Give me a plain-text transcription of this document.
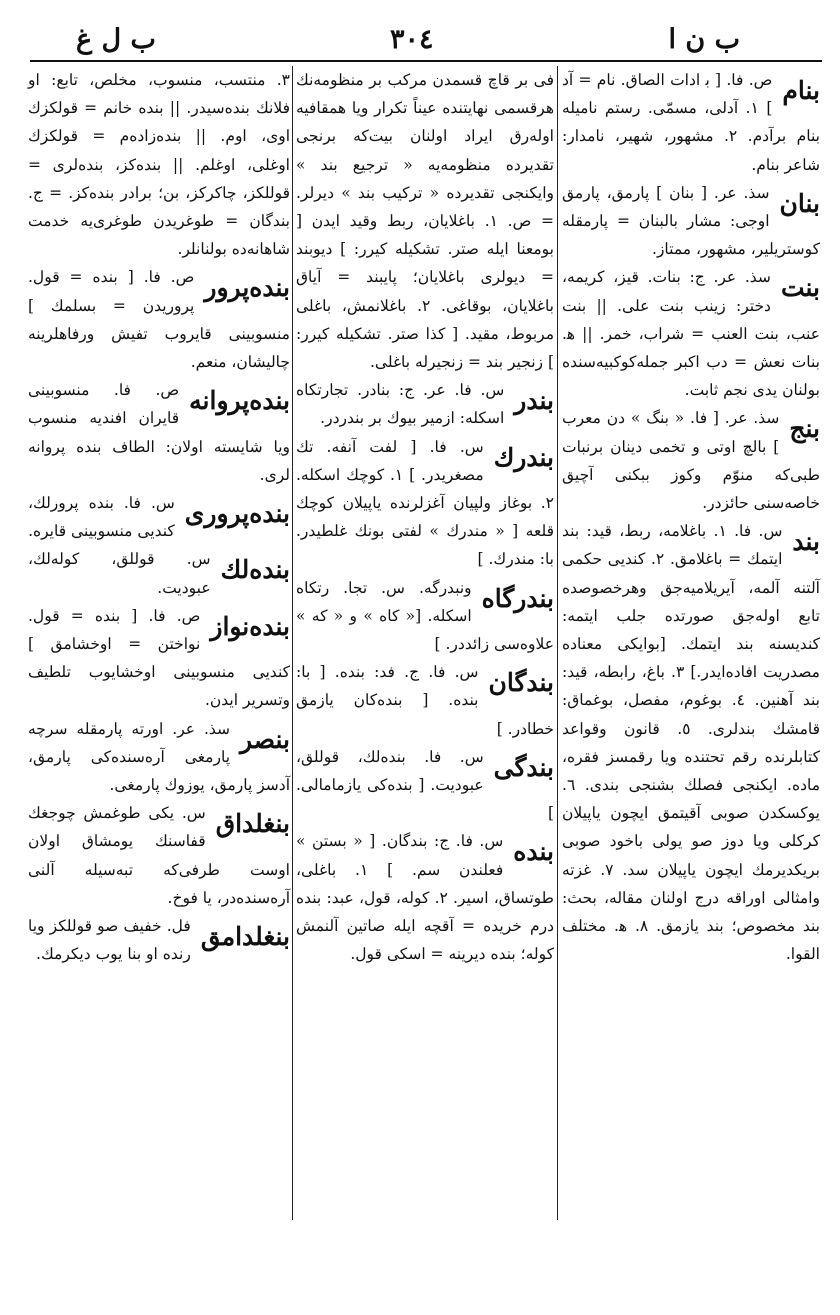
ب ل غ	٣٠٤	ب ن ا
بنام

ص. فا. [ ب‍ ادات الصاق. نام = آد ] ١. آدلى، مسمّى. رستم ناميله بنام برآدم. ٢. مشهور، شهير، نامدار: شاعر بنام.

بنان

سذ. عر. [ ب‍نان ] پارمق، پارمق اوجى: مشار بالبنان = پارمقله كوستريلير، مشهور، ممتاز.

بنت

سذ. عر. ج: بنات. قيز، كريمه، دختر: زينب بنت على. || بنت عنب، بنت العنب = شراب، خمر. || ه‍. بنات نعش = دب اكبر جمله‌كوكبيه‌سنده بولنان يدى نجم ثابت.

بنج

سذ. عر. [ فا. « بنگ » دن معرب ] بالچ اوتى و تخمى دينان برنبات طبى‌كه منوّم وكوز ببكنى آچيق خاصه‌سنى حائزدر.

بند

س. فا. ١. باغلامه، ربط، قيد: بند ايتمك = باغلامق. ٢. كنديى حكمى آلتنه آلمه، آيريلاميه‌جق وهرخصوصده تابع اوله‌جق صورتده جلب ايتمه: كنديسنه بند ايتمك. [بوايكى معناده مصدريت افاده‌ايدر.] ٣. باغ، رابطه، قيد: بند آهنين. ٤. بوغوم، مفصل، بوغماق: قامشك بندلرى. ٥. قانون وقواعد كتابلرنده رقم تحتنده ويا رقمسز فقره، ماده. ايكنجى فصلك بشنجى بندى. ٦. يوكسكدن صوبى آقيتمق ايچون ياپيلان كركلى ويا دوز صو يولى باخود صوبى بريكديرمك ايچون ياپيلان سد. ٧. غزته وامثالى اوراقه درج اولنان مقاله، بحث: بند مخصوص؛ بند يازمق. ٨. ه‍. مختلف القوا.

فى بر قاچ قسمدن مركب بر منظومه‌نك هرقسمى نهايتنده عيناً تكرار ويا همقافيه اوله‌رق ايراد اولنان بيت‌كه برنجى تقديرده منظومه‌يه « ترجيع بند » وايكنجى تقديرده « تركيب بند » ديرلر. = ص. ١. باغلايان، ربط وقيد ايدن [ بومعنا ايله صتر. تشكيله كيرر: ] ديوبند = ديولرى باغلايان؛ پايبند = آياق باغلايان، بوقاغى. ٢. باغلانمش، باغلى مربوط، مقيد. [ كذا صتر. تشكيله كيرر: ] زنجير بند = زنجيرله باغلى.

بندر

س. فا. عر. ج: بنادر. تجارتكاه اسكله: ازمير بيوك بر بندردر.

بندرك

س. فا. [ لفت آنفه. تك مصغريدر. ] ١. كوچك اسكله. ٢. بوغاز ولپيان آغزلرنده ياپيلان كوچك قلعه [ « مندرك » لفتى بونك غلطيدر. با: مندرك. ]

بندرگاه

ونبدرگه. س. تجا. رتكاه اسكله. [« كاه » و « كه » علاوه‌سى زائددر. ]

بندگان

س. فا. ج. فد: بنده. [ با: بنده. [ بنده‌كان يازمق خطادر. ]

بندگى

س. فا. بنده‌لك، قوللق، عبوديت. [ بنده‌كى يازمامالى. ]

بنده

س. فا. ج: بندگان. [ « بستن » فعلندن سم. ] ١. باغلى، طوتساق، اسير. ٢. كوله، قول، عبد: بنده درم خريده = آقچه ايله صاتين آلنمش كوله؛ بنده ديرينه = اسكى قول.

٣. منتسب، منسوب، مخلص، تابع: او فلانك بنده‌سيدر. || بنده خانم = قولكزك اوى، اوم. || بنده‌زاده‌م = قولكزك اوغلى، اوغلم. || بنده‌كز، بنده‌لرى = قوللكز، چاكركز، بن؛ برادر بنده‌كز. = ج. بندگان = طوغريدن طوغرى‌يه خدمت شاهانه‌ده بولنانلر.

بنده‌پرور

ص. فا. [ بنده = قول. پروريدن = بسلمك ] منسوبينى قايروب تفيش ورفاهلرينه چاليشان، منعم.

بنده‌پروانه

ص. فا. منسوبينى قايران افنديه منسوب ويا شايسته اولان: الطاف بنده پروانه لرى.

بنده‌پرورى

س. فا. بنده پرورلك، كنديى منسوبينى قايره.

بنده‌لك

س. قوللق، كوله‌لك، عبوديت.

بنده‌نواز

ص. فا. [ بنده = قول. نواختن = اوخشامق ] كنديى منسوبينى اوخشايوب تلطيف وتسرير ايدن.

بنصر

سذ. عر. اورته پارمقله سرچه پارمغى آره‌سنده‌كى پارمق، آدسز پارمق، يوزوك پارمغى.

بنغلداق

س. يكى طوغمش چوجغك قفاسنك يومشاق اولان اوست طرفى‌كه تبه‌سيله آلنى آره‌سنده‌در، يا فوخ.

بنغلدامق

فل. خفيف صو قوللكز ويا رنده او بنا يوب ديكرمك.
